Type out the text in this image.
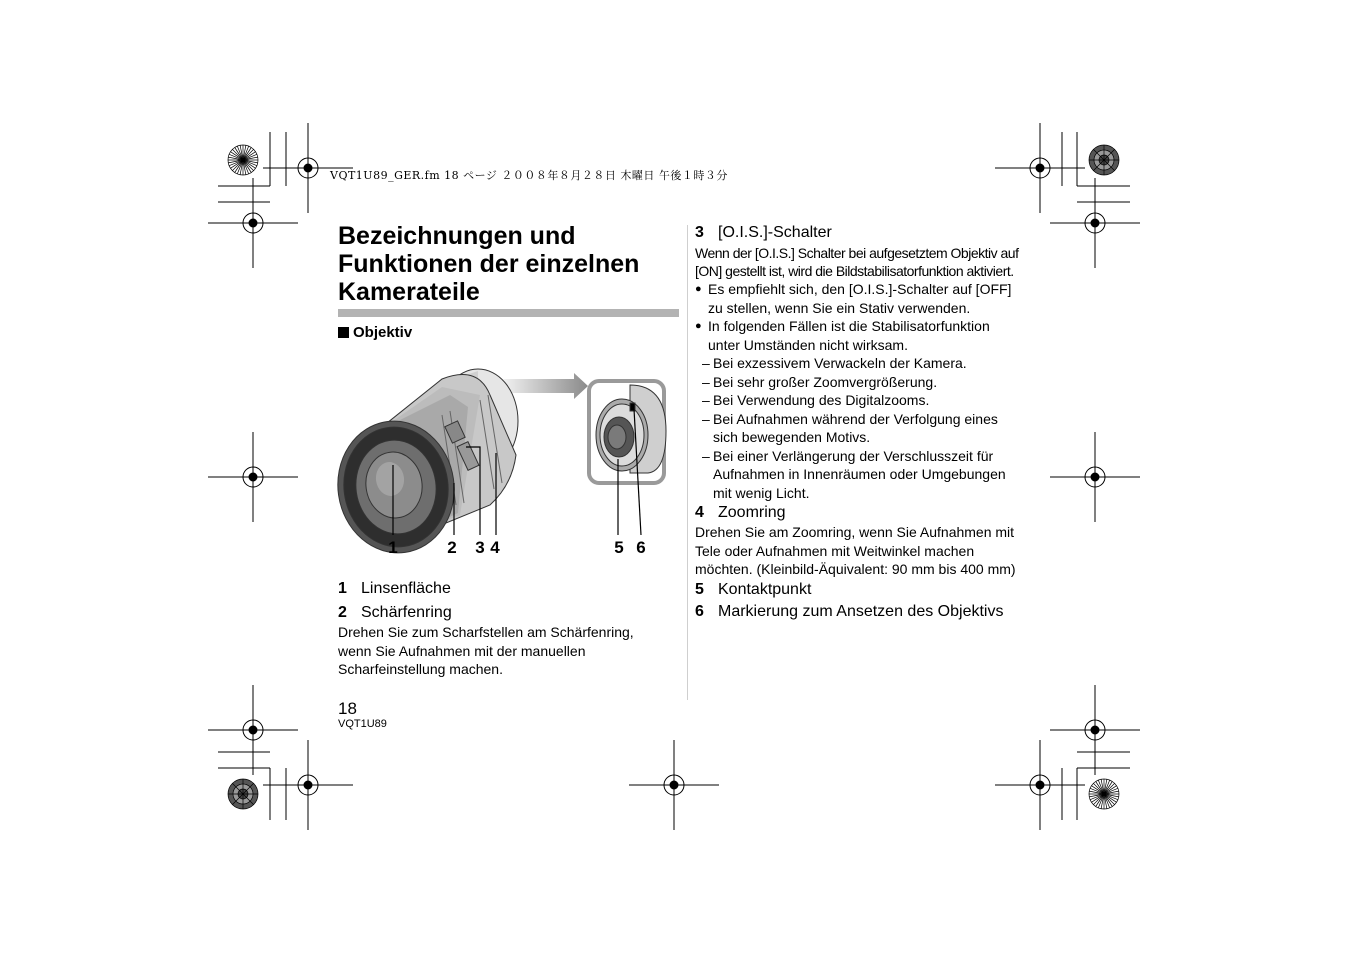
VQT1U89_GER.fm 18 ページ ２００８年８月２８日 木曜日 午後１時３分
Bezeichnungen und Funktionen der einzelnen Kamerateile
Objektiv
1	2 3 4	5 6
1 Linsenfläche
2 Schärfenring
Drehen Sie zum Scharfstellen am Schärfenring,
wenn Sie Aufnahmen mit der manuellen
Scharfeinstellung machen.
3 [O.I.S.]-Schalter
Wenn der [O.I.S.] Schalter bei aufgesetztem Objektiv auf
[ON] gestellt ist, wird die Bildstabilisatorfunktion aktiviert.
● Es empfiehlt sich, den [O.I.S.]-Schalter auf [OFF]
zu stellen, wenn Sie ein Stativ verwenden.
● In folgenden Fällen ist die Stabilisatorfunktion
unter Umständen nicht wirksam.
– Bei exzessivem Verwackeln der Kamera.
– Bei sehr großer Zoomvergrößerung.
– Bei Verwendung des Digitalzooms.
– Bei Aufnahmen während der Verfolgung eines
sich bewegenden Motivs.
– Bei einer Verlängerung der Verschlusszeit für
Aufnahmen in Innenräumen oder Umgebungen
mit wenig Licht.
4 Zoomring
Drehen Sie am Zoomring, wenn Sie Aufnahmen mit
Tele oder Aufnahmen mit Weitwinkel machen
möchten. (Kleinbild-Äquivalent: 90 mm bis 400 mm)
5 Kontaktpunkt
6 Markierung zum Ansetzen des Objektivs
18
VQT1U89
